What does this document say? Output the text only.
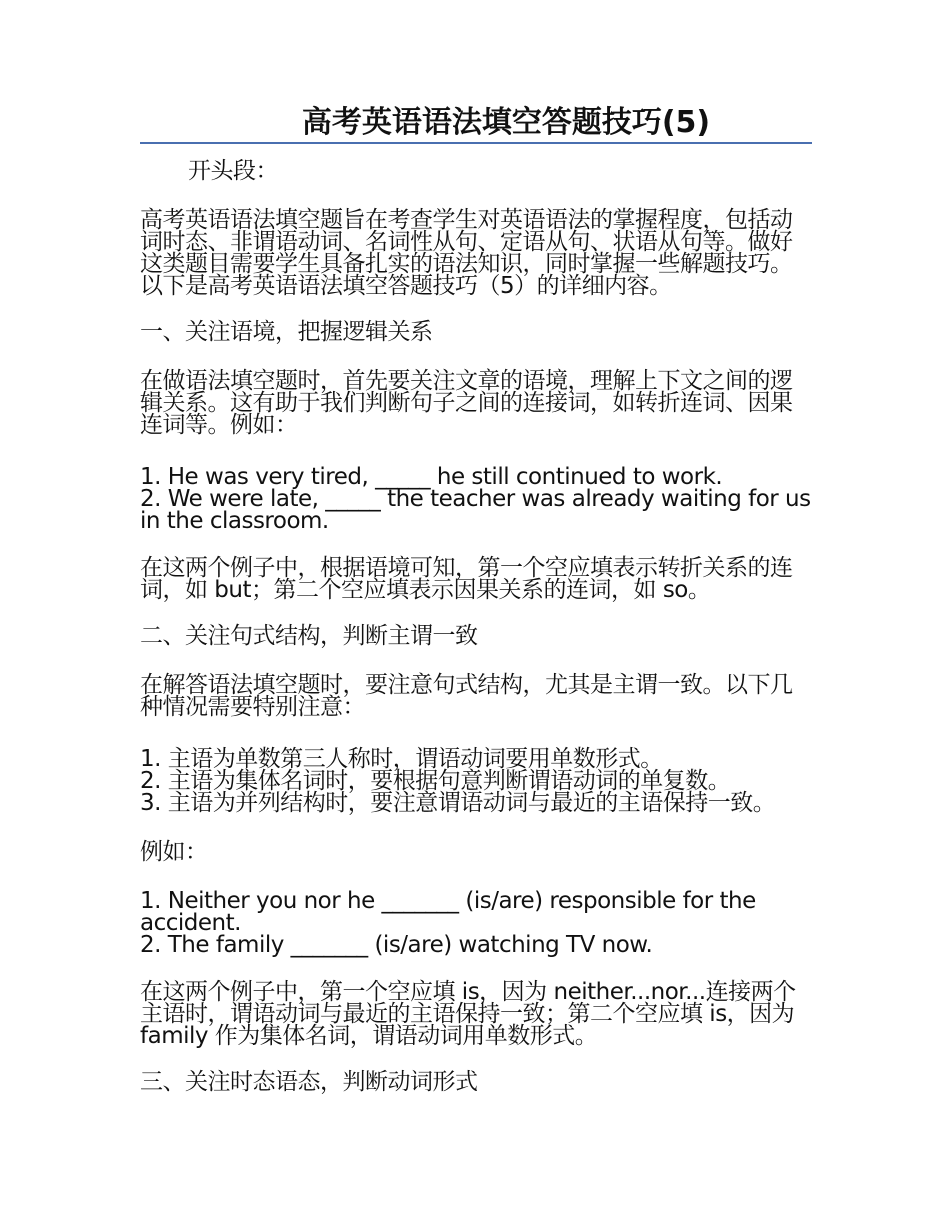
高考英语语法填空答题技巧(5)

开头段：

高考英语语法填空题旨在考查学生对英语语法的掌握程度，包括动词时态、非谓语动词、名词性从句、定语从句、状语从句等。做好这类题目需要学生具备扎实的语法知识，同时掌握一些解题技巧。以下是高考英语语法填空答题技巧（5）的详细内容。

一、关注语境，把握逻辑关系

在做语法填空题时，首先要关注文章的语境，理解上下文之间的逻辑关系。这有助于我们判断句子之间的连接词，如转折连词、因果连词等。例如：

1. He was very tired, _____ he still continued to work.

2. We were late, _____ the teacher was already waiting for us in the classroom.

在这两个例子中，根据语境可知，第一个空应填表示转折关系的连词，如 but；第二个空应填表示因果关系的连词，如 so。

二、关注句式结构，判断主谓一致

在解答语法填空题时，要注意句式结构，尤其是主谓一致。以下几种情况需要特别注意：

1. 主语为单数第三人称时，谓语动词要用单数形式。

2. 主语为集体名词时，要根据句意判断谓语动词的单复数。

3. 主语为并列结构时，要注意谓语动词与最近的主语保持一致。

例如：

1. Neither you nor he _______ (is/are) responsible for the accident.

2. The family _______ (is/are) watching TV now.

在这两个例子中，第一个空应填 is，因为 neither...nor...连接两个主语时，谓语动词与最近的主语保持一致；第二个空应填 is，因为 family 作为集体名词，谓语动词用单数形式。

三、关注时态语态，判断动词形式
